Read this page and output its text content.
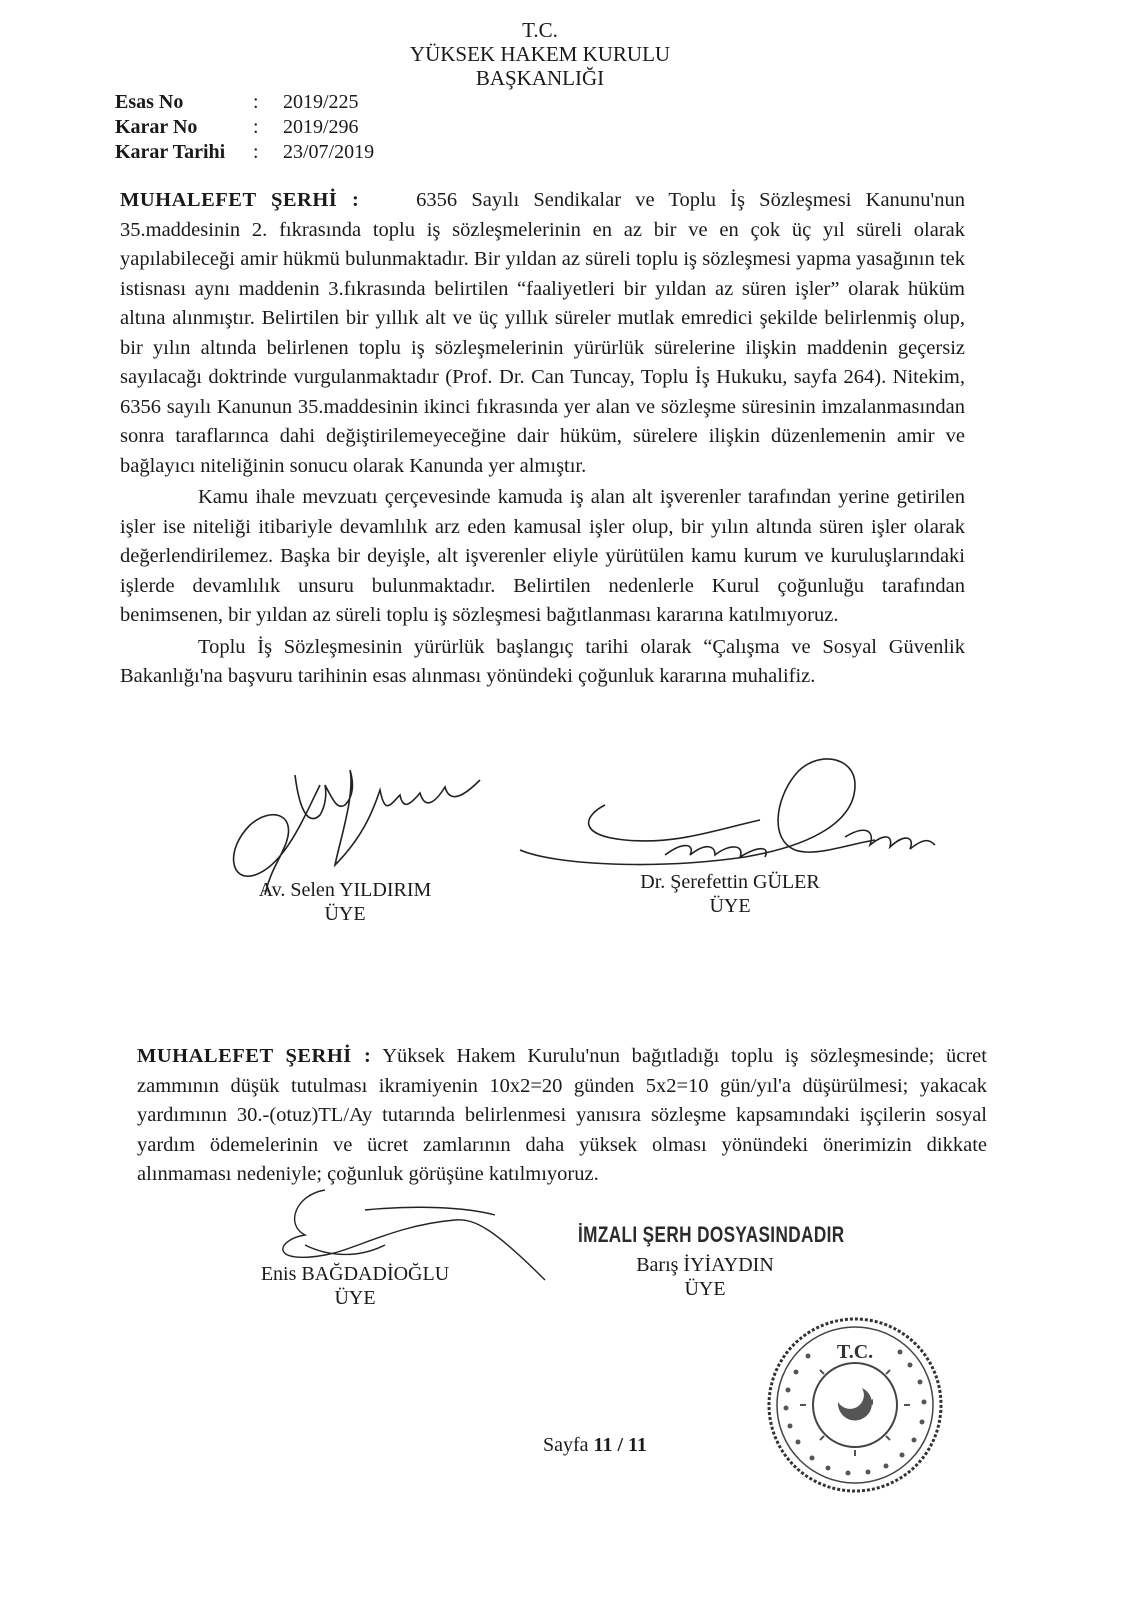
T.C.
YÜKSEK HAKEM KURULU
BAŞKANLIĞI
Esas No	: 2019/225
Karar No	: 2019/296
Karar Tarihi : 23/07/2019
MUHALEFET ŞERHİ :	6356 Sayılı Sendikalar ve Toplu İş Sözleşmesi Kanunu'nun 35.maddesinin 2. fıkrasında toplu iş sözleşmelerinin en az bir ve en çok üç yıl süreli olarak yapılabileceği amir hükmü bulunmaktadır. Bir yıldan az süreli toplu iş sözleşmesi yapma yasağının tek istisnası aynı maddenin 3.fıkrasında belirtilen “faaliyetleri bir yıldan az süren işler” olarak hüküm altına alınmıştır. Belirtilen bir yıllık alt ve üç yıllık süreler mutlak emredici şekilde belirlenmiş olup, bir yılın altında belirlenen toplu iş sözleşmelerinin yürürlük sürelerine ilişkin maddenin geçersiz sayılacağı doktrinde vurgulanmaktadır (Prof. Dr. Can Tuncay, Toplu İş Hukuku, sayfa 264). Nitekim, 6356 sayılı Kanunun 35.maddesinin ikinci fıkrasında yer alan ve sözleşme süresinin imzalanmasından sonra taraflarınca dahi değiştirilemeyeceğine dair hüküm, sürelere ilişkin düzenlemenin amir ve bağlayıcı niteliğinin sonucu olarak Kanunda yer almıştır.
Kamu ihale mevzuatı çerçevesinde kamuda iş alan alt işverenler tarafından yerine getirilen işler ise niteliği itibariyle devamlılık arz eden kamusal işler olup, bir yılın altında süren işler olarak değerlendirilemez. Başka bir deyişle, alt işverenler eliyle yürütülen kamu kurum ve kuruluşlarındaki işlerde devamlılık unsuru bulunmaktadır. Belirtilen nedenlerle Kurul çoğunluğu tarafından benimsenen, bir yıldan az süreli toplu iş sözleşmesi bağıtlanması kararına katılmıyoruz.
Toplu İş Sözleşmesinin yürürlük başlangıç tarihi olarak “Çalışma ve Sosyal Güvenlik Bakanlığı'na başvuru tarihinin esas alınması yönündeki çoğunluk kararına muhalifiz.
Av. Selen YILDIRIM
ÜYE
Dr. Şerefettin GÜLER
ÜYE
MUHALEFET ŞERHİ : Yüksek Hakem Kurulu'nun bağıtladığı toplu iş sözleşmesinde; ücret zammının düşük tutulması ikramiyenin 10x2=20 günden 5x2=10 gün/yıl'a düşürülmesi; yakacak yardımının 30.-(otuz)TL/Ay tutarında belirlenmesi yanısıra sözleşme kapsamındaki işçilerin sosyal yardım ödemelerinin ve ücret zamlarının daha yüksek olması yönündeki önerimizin dikkate alınmaması nedeniyle; çoğunluk görüşüne katılmıyoruz.
İMZALI ŞERH DOSYASINDADIR
Enis BAĞDADİOĞLU
ÜYE
Barış İYİAYDIN
ÜYE
T.C.
Sayfa 11 / 11
